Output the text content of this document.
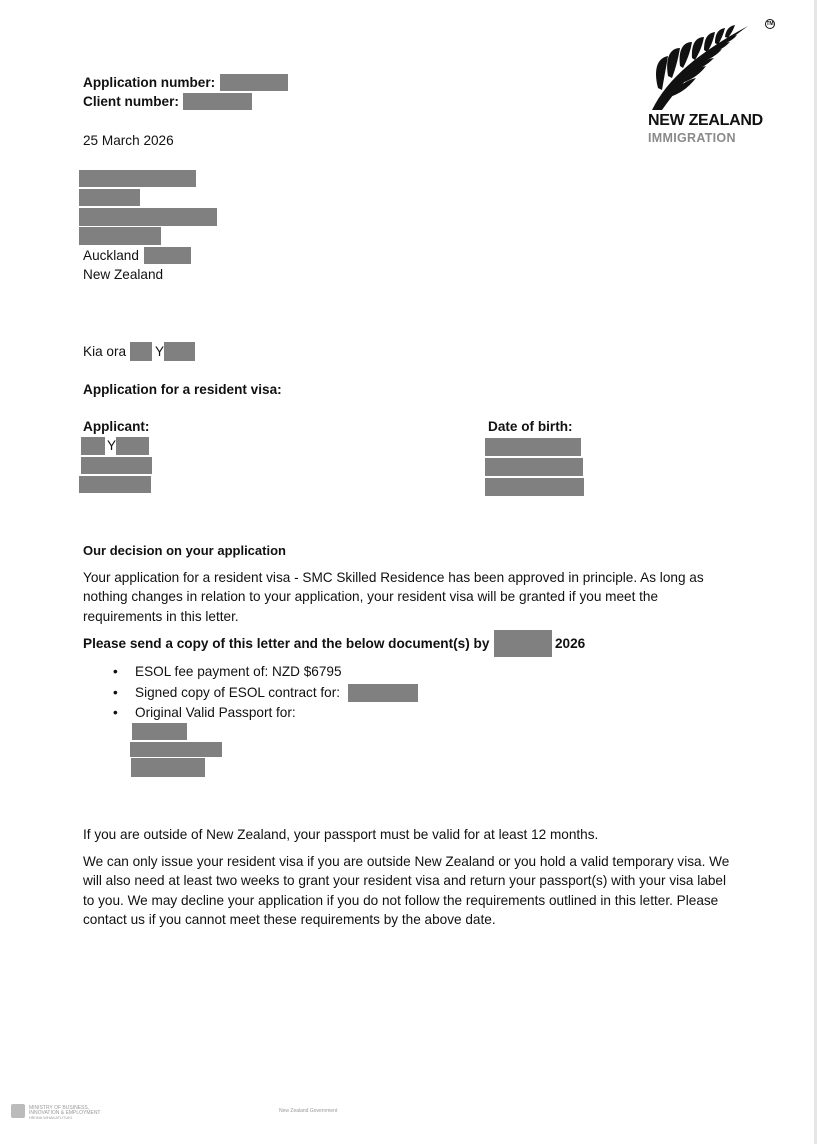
TM
NEW ZEALAND
IMMIGRATION
Application number:
Client number:
25 March 2026
Auckland
New Zealand
Kia ora Y
Application for a resident visa:
Applicant:
Y
Date of birth:
Our decision on your application
Your application for a resident visa - SMC Skilled Residence has been approved in principle. As long as nothing changes in relation to your application, your resident visa will be granted if you meet the requirements in this letter.
Please send a copy of this letter and the below document(s) by	2026
• ESOL fee payment of: NZD $6795
• Signed copy of ESOL contract for:
• Original Valid Passport for:
If you are outside of New Zealand, your passport must be valid for at least 12 months.
We can only issue your resident visa if you are outside New Zealand or you hold a valid temporary visa. We will also need at least two weeks to grant your resident visa and return your passport(s) with your visa label to you. We may decline your application if you do not follow the requirements outlined in this letter. Please contact us if you cannot meet these requirements by the above date.
MINISTRY OF BUSINESS,
INNOVATION & EMPLOYMENT
HĪKINA WHAKATUTUKI
New Zealand Government
